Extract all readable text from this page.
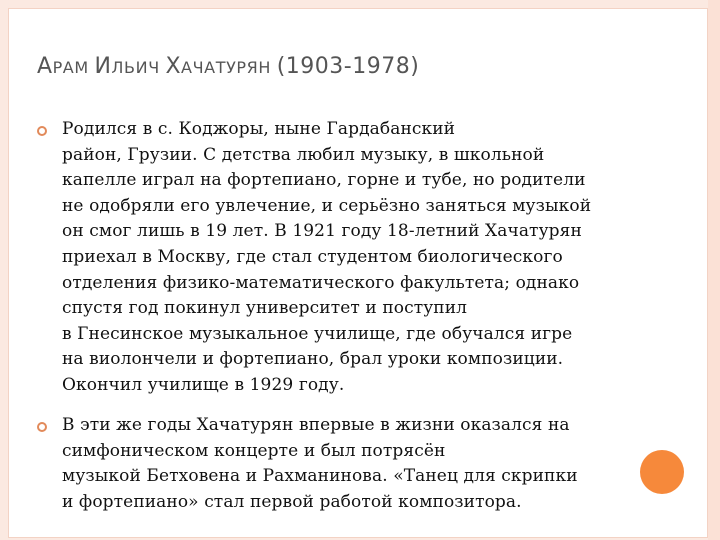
АРАМ ИЛЬИЧ ХАЧАТУРЯН (1903-1978)
Родился в с. Коджоры, ныне Гардабанский
район, Грузии. С детства любил музыку, в школьной
капелле играл на фортепиано, горне и тубе, но родители
не одобряли его увлечение, и серьёзно заняться музыкой
он смог лишь в 19 лет. В 1921 году 18-летний Хачатурян
приехал в Москву, где стал студентом биологического
отделения физико-математического факультета; однако
спустя год покинул университет и поступил
в Гнесинское музыкальное училище, где обучался игре
на виолончели и фортепиано, брал уроки композиции.
Окончил училище в 1929 году.
В эти же годы Хачатурян впервые в жизни оказался на
симфоническом концерте и был потрясён
музыкой Бетховена и Рахманинова. «Танец для скрипки
и фортепиано» стал первой работой композитора.
